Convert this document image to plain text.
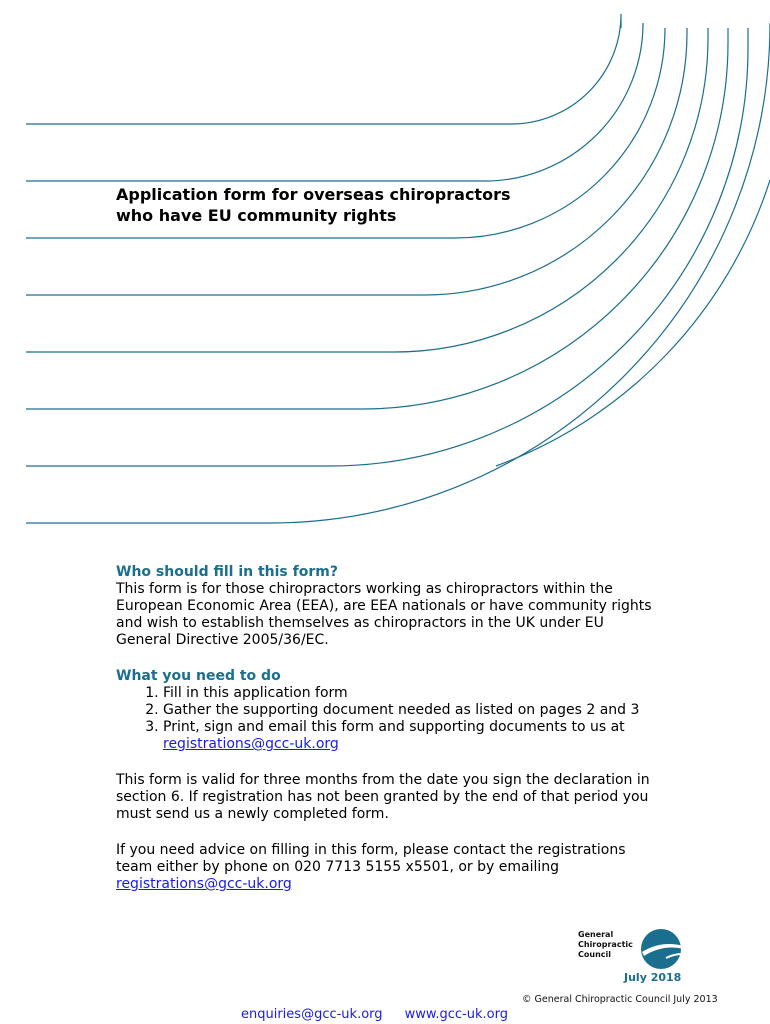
Application form for overseas chiropractors
who have EU community rights
Who should fill in this form?
This form is for those chiropractors working as chiropractors within the European Economic Area (EEA), are EEA nationals or have community rights and wish to establish themselves as chiropractors in the UK under EU General Directive 2005/36/EC.
What you need to do
1. Fill in this application form
2. Gather the supporting document needed as listed on pages 2 and 3
3. Print, sign and email this form and supporting documents to us at registrations@gcc-uk.org
This form is valid for three months from the date you sign the declaration in section 6. If registration has not been granted by the end of that period you must send us a newly completed form.
If you need advice on filling in this form, please contact the registrations team either by phone on 020 7713 5155 x5501, or by emailing registrations@gcc-uk.org
General
Chiropractic
Council
July 2018
© General Chiropractic Council July 2013
enquiries@gcc-uk.org www.gcc-uk.org
